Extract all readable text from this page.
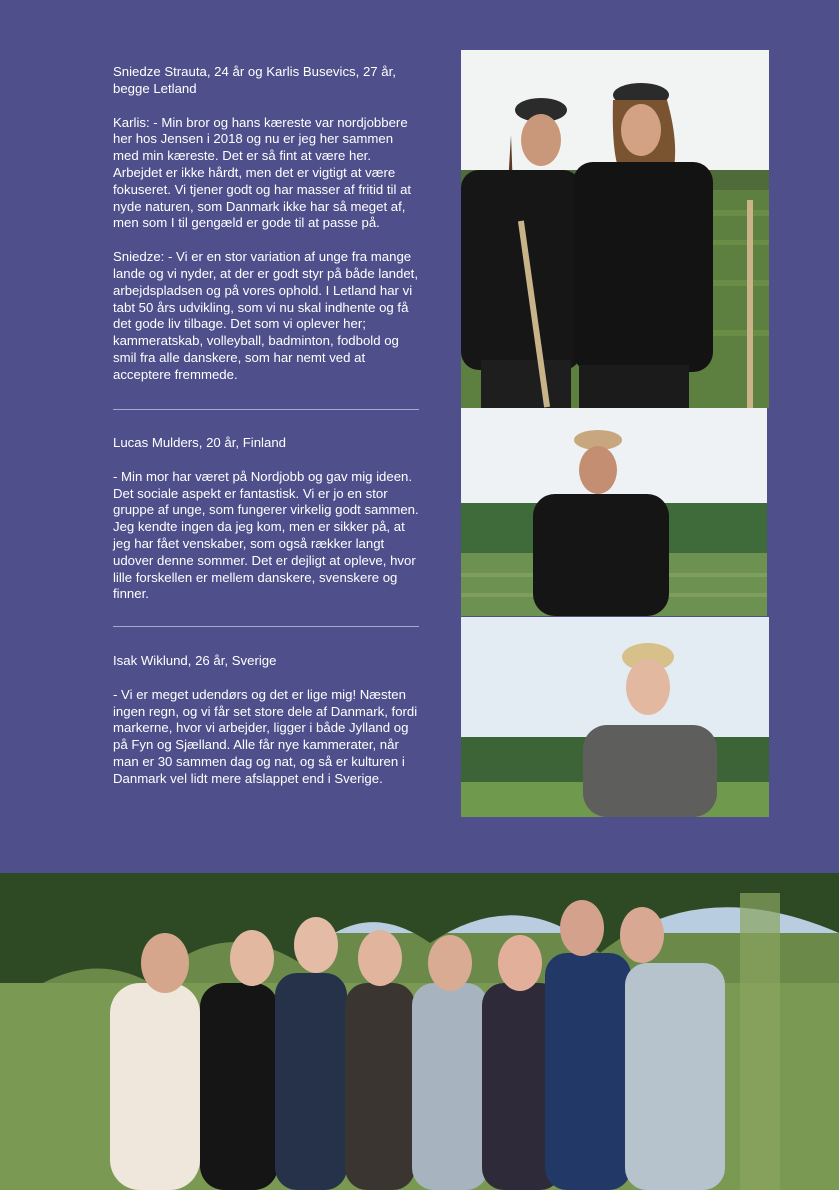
Sniedze Strauta, 24 år og Karlis Busevics, 27 år, begge Letland

Karlis: - Min bror og hans kæreste var nordjobbere her hos Jensen i 2018 og nu er jeg her sammen med min kæreste. Det er så fint at være her. Arbejdet er ikke hårdt, men det er vigtigt at være fokuseret. Vi tjener godt og har masser af fritid til at nyde naturen, som Danmark ikke har så meget af, men som I til gengæld er gode til at passe på.

Sniedze: - Vi er en stor variation af unge fra mange lande og vi nyder, at der er godt styr på både landet, arbejdspladsen og på vores ophold. I Letland har vi tabt 50 års udvikling, som vi nu skal indhente og få det gode liv tilbage. Det som vi oplever her; kammeratskab, volleyball, badminton, fodbold og smil fra alle danskere, som har nemt ved at acceptere fremmede.

Lucas Mulders, 20 år, Finland

- Min mor har været på Nordjobb og gav mig ideen. Det sociale aspekt er fantastisk. Vi er jo en stor gruppe af unge, som fungerer virkelig godt sammen. Jeg kendte ingen da jeg kom, men er sikker på, at jeg har fået venskaber, som også rækker langt udover denne sommer. Det er dejligt at opleve, hvor lille forskellen er mellem danskere, svenskere og finner.

Isak Wiklund, 26 år, Sverige

- Vi er meget udendørs og det er lige mig! Næsten ingen regn, og vi får set store dele af Danmark, fordi markerne, hvor vi arbejder, ligger i både Jylland og på Fyn og Sjælland. Alle får nye kammerater, når man er 30 sammen dag og nat, og så er kulturen i Danmark vel lidt mere afslappet end i Sverige.
